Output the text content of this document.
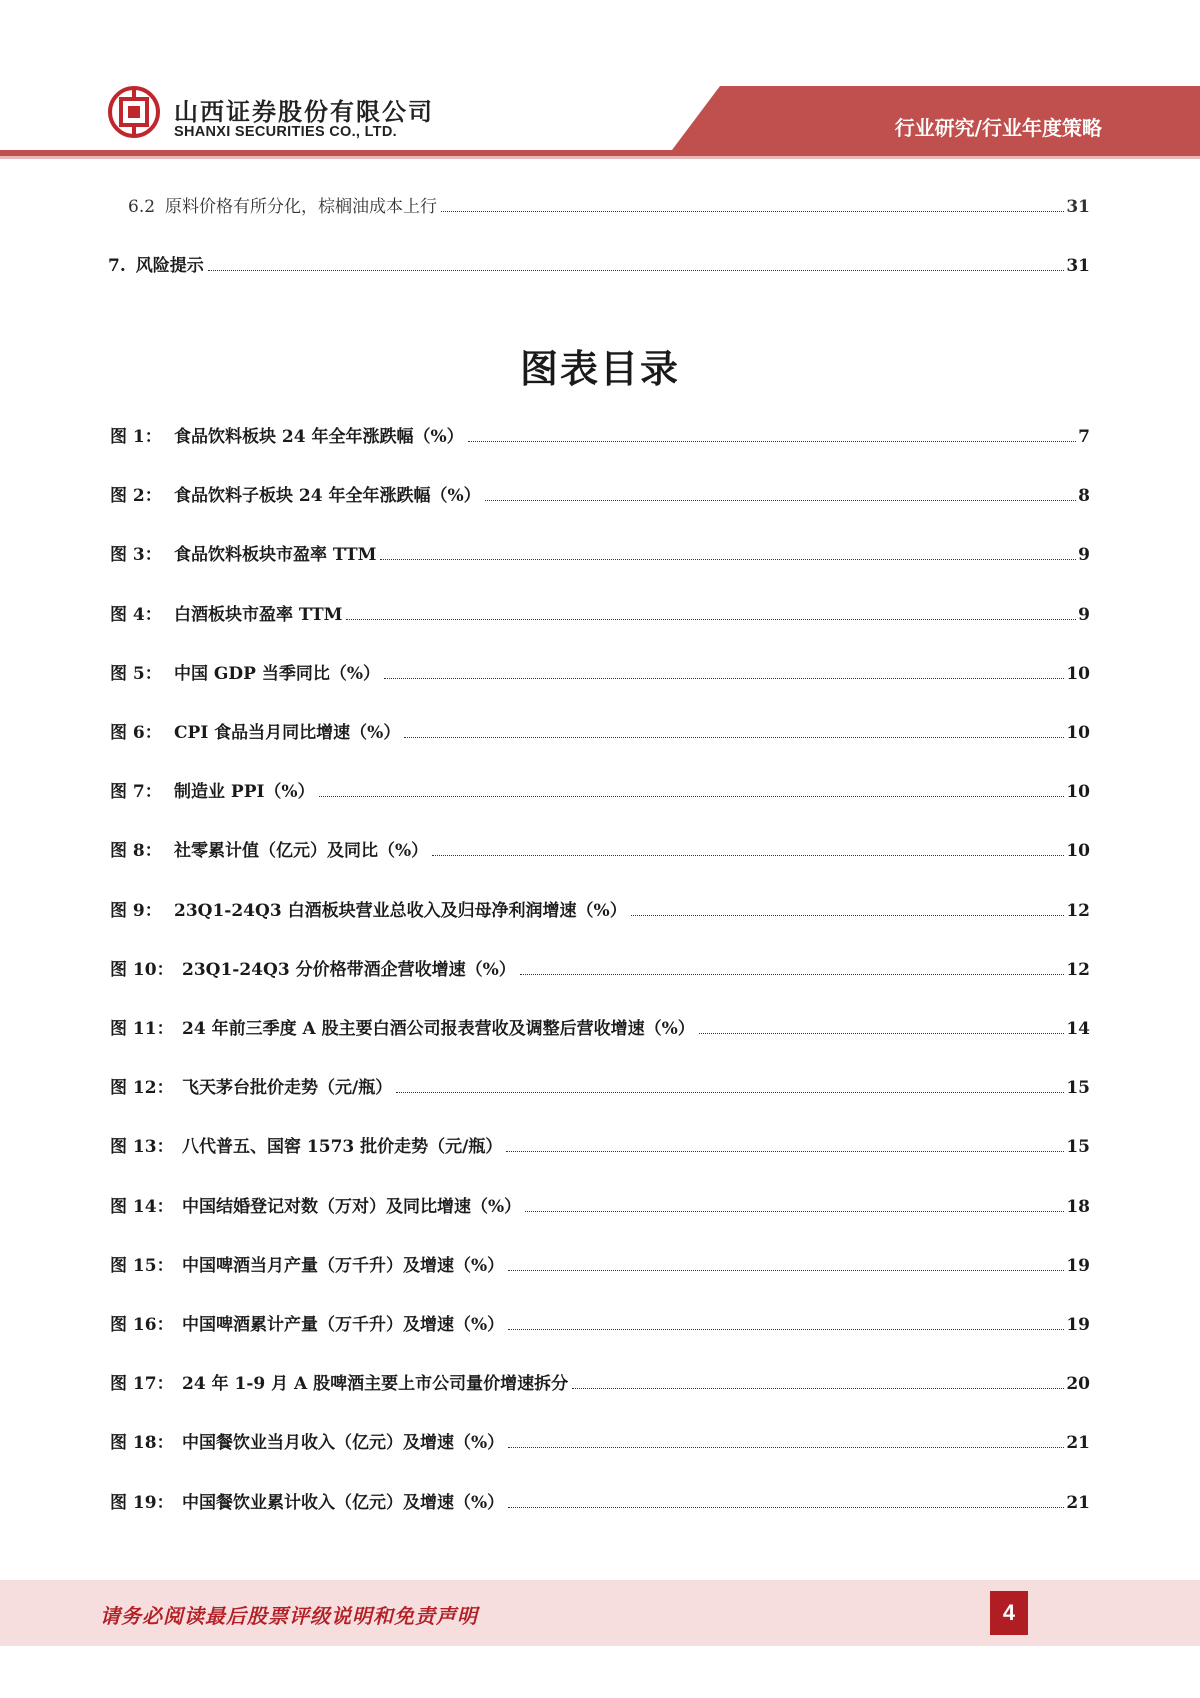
山西证券股份有限公司
SHANXI SECURITIES CO., LTD.	行业研究/行业年度策略
6.2 原料价格有所分化，棕榈油成本上行	31
7. 风险提示	31
图表目录
图 1： 食品饮料板块 24 年全年涨跌幅（%）	7
图 2： 食品饮料子板块 24 年全年涨跌幅（%）	8
图 3： 食品饮料板块市盈率 TTM	9
图 4： 白酒板块市盈率 TTM	9
图 5： 中国 GDP 当季同比（%）	10
图 6： CPI 食品当月同比增速（%）	10
图 7： 制造业 PPI（%）	10
图 8： 社零累计值（亿元）及同比（%）	10
图 9： 23Q1-24Q3 白酒板块营业总收入及归母净利润增速（%）	12
图 10： 23Q1-24Q3 分价格带酒企营收增速（%）	12
图 11： 24 年前三季度 A 股主要白酒公司报表营收及调整后营收增速（%）	14
图 12： 飞天茅台批价走势（元/瓶）	15
图 13： 八代普五、国窖 1573 批价走势（元/瓶）	15
图 14： 中国结婚登记对数（万对）及同比增速（%）	18
图 15： 中国啤酒当月产量（万千升）及增速（%）	19
图 16： 中国啤酒累计产量（万千升）及增速（%）	19
图 17： 24 年 1-9 月 A 股啤酒主要上市公司量价增速拆分	20
图 18： 中国餐饮业当月收入（亿元）及增速（%）	21
图 19： 中国餐饮业累计收入（亿元）及增速（%）	21
请务必阅读最后股票评级说明和免责声明	4
